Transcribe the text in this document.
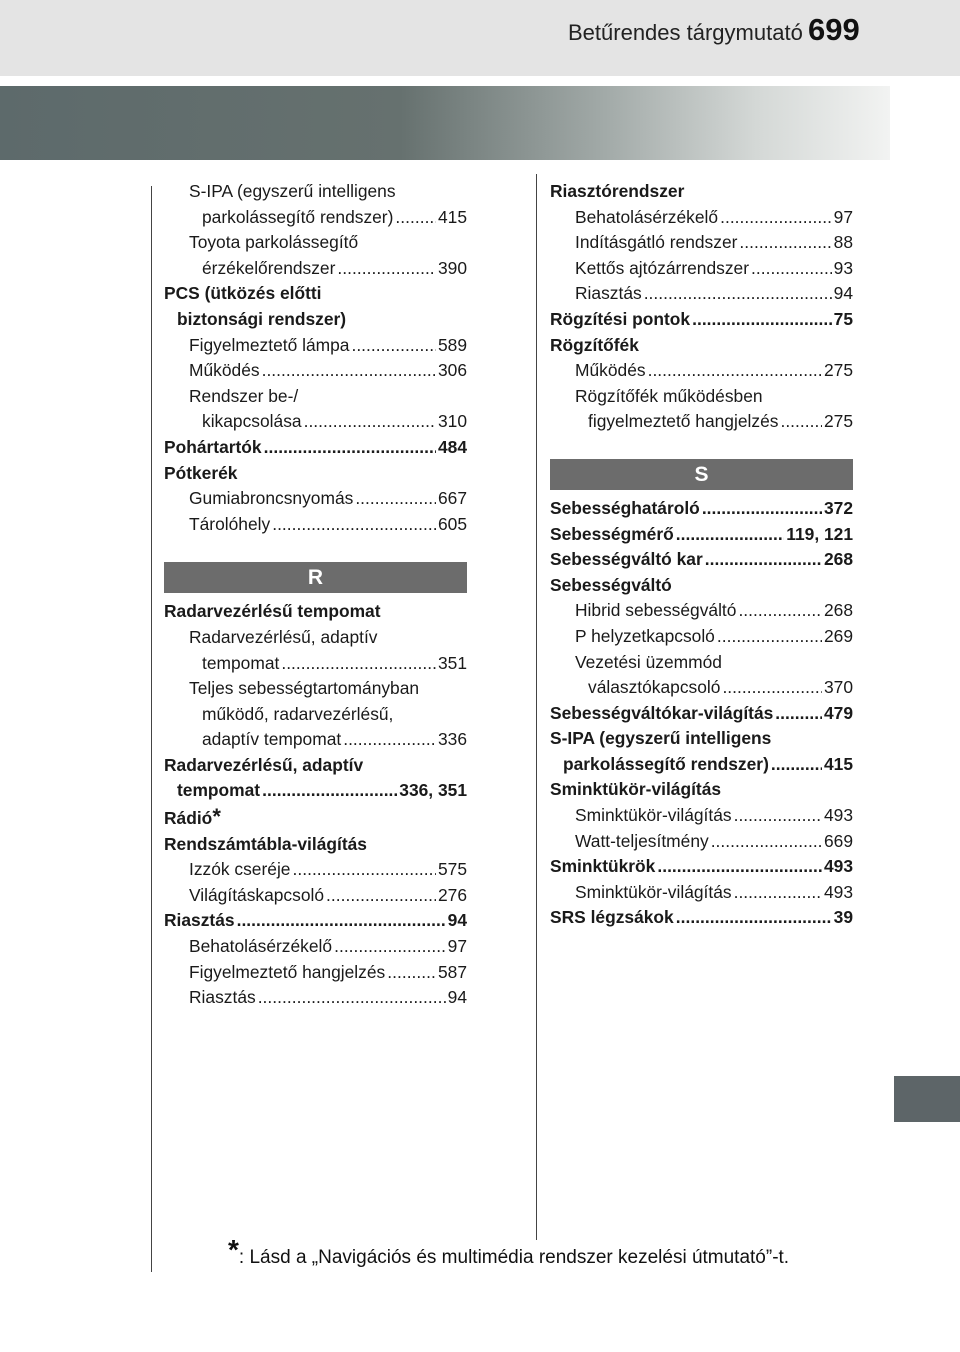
Betűrendes tárgymutató 699
S-IPA (egyszerű intelligens
parkolássegítő rendszer) . . .	415
Toyota parkolássegítő
érzékelőrendszer . . .	390
PCS (ütközés előtti
biztonsági rendszer)
Figyelmeztető lámpa . . .	589
Működés . . .	306
Rendszer be-/
kikapcsolása . . .	310
Pohártartók . . .	484
Pótkerék
Gumiabroncsnyomás . . .	667
Tárolóhely . . .	605
R
Radarvezérlésű tempomat
Radarvezérlésű, adaptív
tempomat . . .	351
Teljes sebességtartományban
működő, radarvezérlésű,
adaptív tempomat . . .	336
Radarvezérlésű, adaptív
tempomat . . .	336, 351
Rádió *
Rendszámtábla-világítás
Izzók cseréje . . .	575
Világításkapcsoló . . .	276
Riasztás . . .	94
Behatolásérzékelő . . .	97
Figyelmeztető hangjelzés . . .	587
Riasztás . . .	94
Riasztórendszer
Behatolásérzékelő . . .	97
Indításgátló rendszer . . .	88
Kettős ajtózárrendszer . . .	93
Riasztás . . .	94
Rögzítési pontok . . .	75
Rögzítőfék
Működés . . .	275
Rögzítőfék működésben
figyelmeztető hangjelzés . . .	275
S
Sebességhatároló . . .	372
Sebességmérő . . .	119, 121
Sebességváltó kar . . .	268
Sebességváltó
Hibrid sebességváltó . . .	268
P helyzetkapcsoló . . .	269
Vezetési üzemmód
választókapcsoló . . .	370
Sebességváltókar-világítás . . .	479
S-IPA (egyszerű intelligens
parkolássegítő rendszer) . . .	415
Sminktükör-világítás
Sminktükör-világítás . . .	493
Watt-teljesítmény . . .	669
Sminktükrök . . .	493
Sminktükör-világítás . . .	493
SRS légzsákok . . .	39
*: Lásd a „Navigációs és multimédia rendszer kezelési útmutató”-t.
